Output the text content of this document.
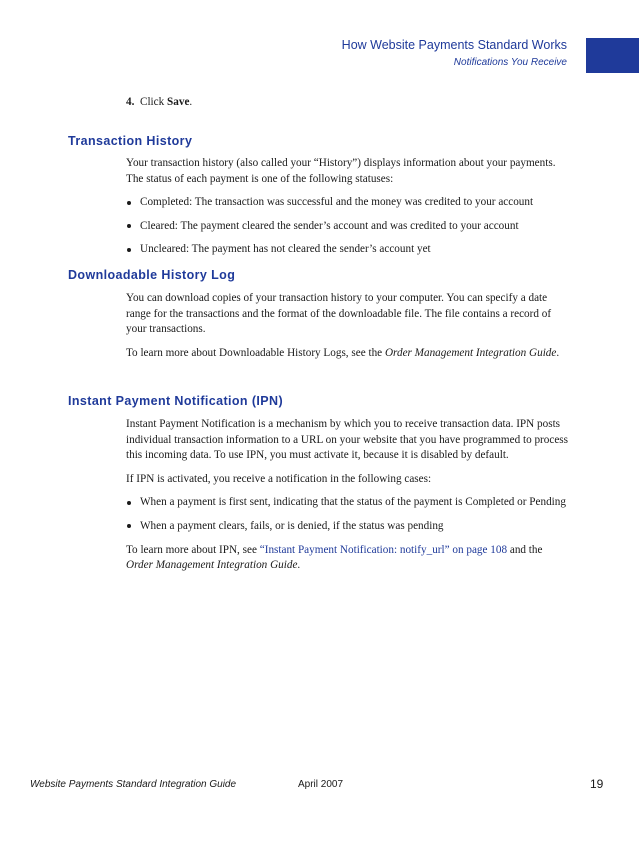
How Website Payments Standard Works
Notifications You Receive
4. Click Save.
Transaction History

Your transaction history (also called your “History”) displays information about your payments. The status of each payment is one of the following statuses:

Completed: The transaction was successful and the money was credited to your account
Cleared: The payment cleared the sender’s account and was credited to your account
Uncleared: The payment has not cleared the sender’s account yet
Downloadable History Log

You can download copies of your transaction history to your computer. You can specify a date range for the transactions and the format of the downloadable file. The file contains a record of your transactions.

To learn more about Downloadable History Logs, see the Order Management Integration Guide.

Instant Payment Notification (IPN)

Instant Payment Notification is a mechanism by which you to receive transaction data. IPN posts individual transaction information to a URL on your website that you have programmed to process this incoming data. To use IPN, you must activate it, because it is disabled by default.

If IPN is activated, you receive a notification in the following cases:

When a payment is first sent, indicating that the status of the payment is Completed or Pending
When a payment clears, fails, or is denied, if the status was pending

To learn more about IPN, see “Instant Payment Notification: notify_url” on page 108 and the Order Management Integration Guide.

Website Payments Standard Integration Guide	April 2007	19
